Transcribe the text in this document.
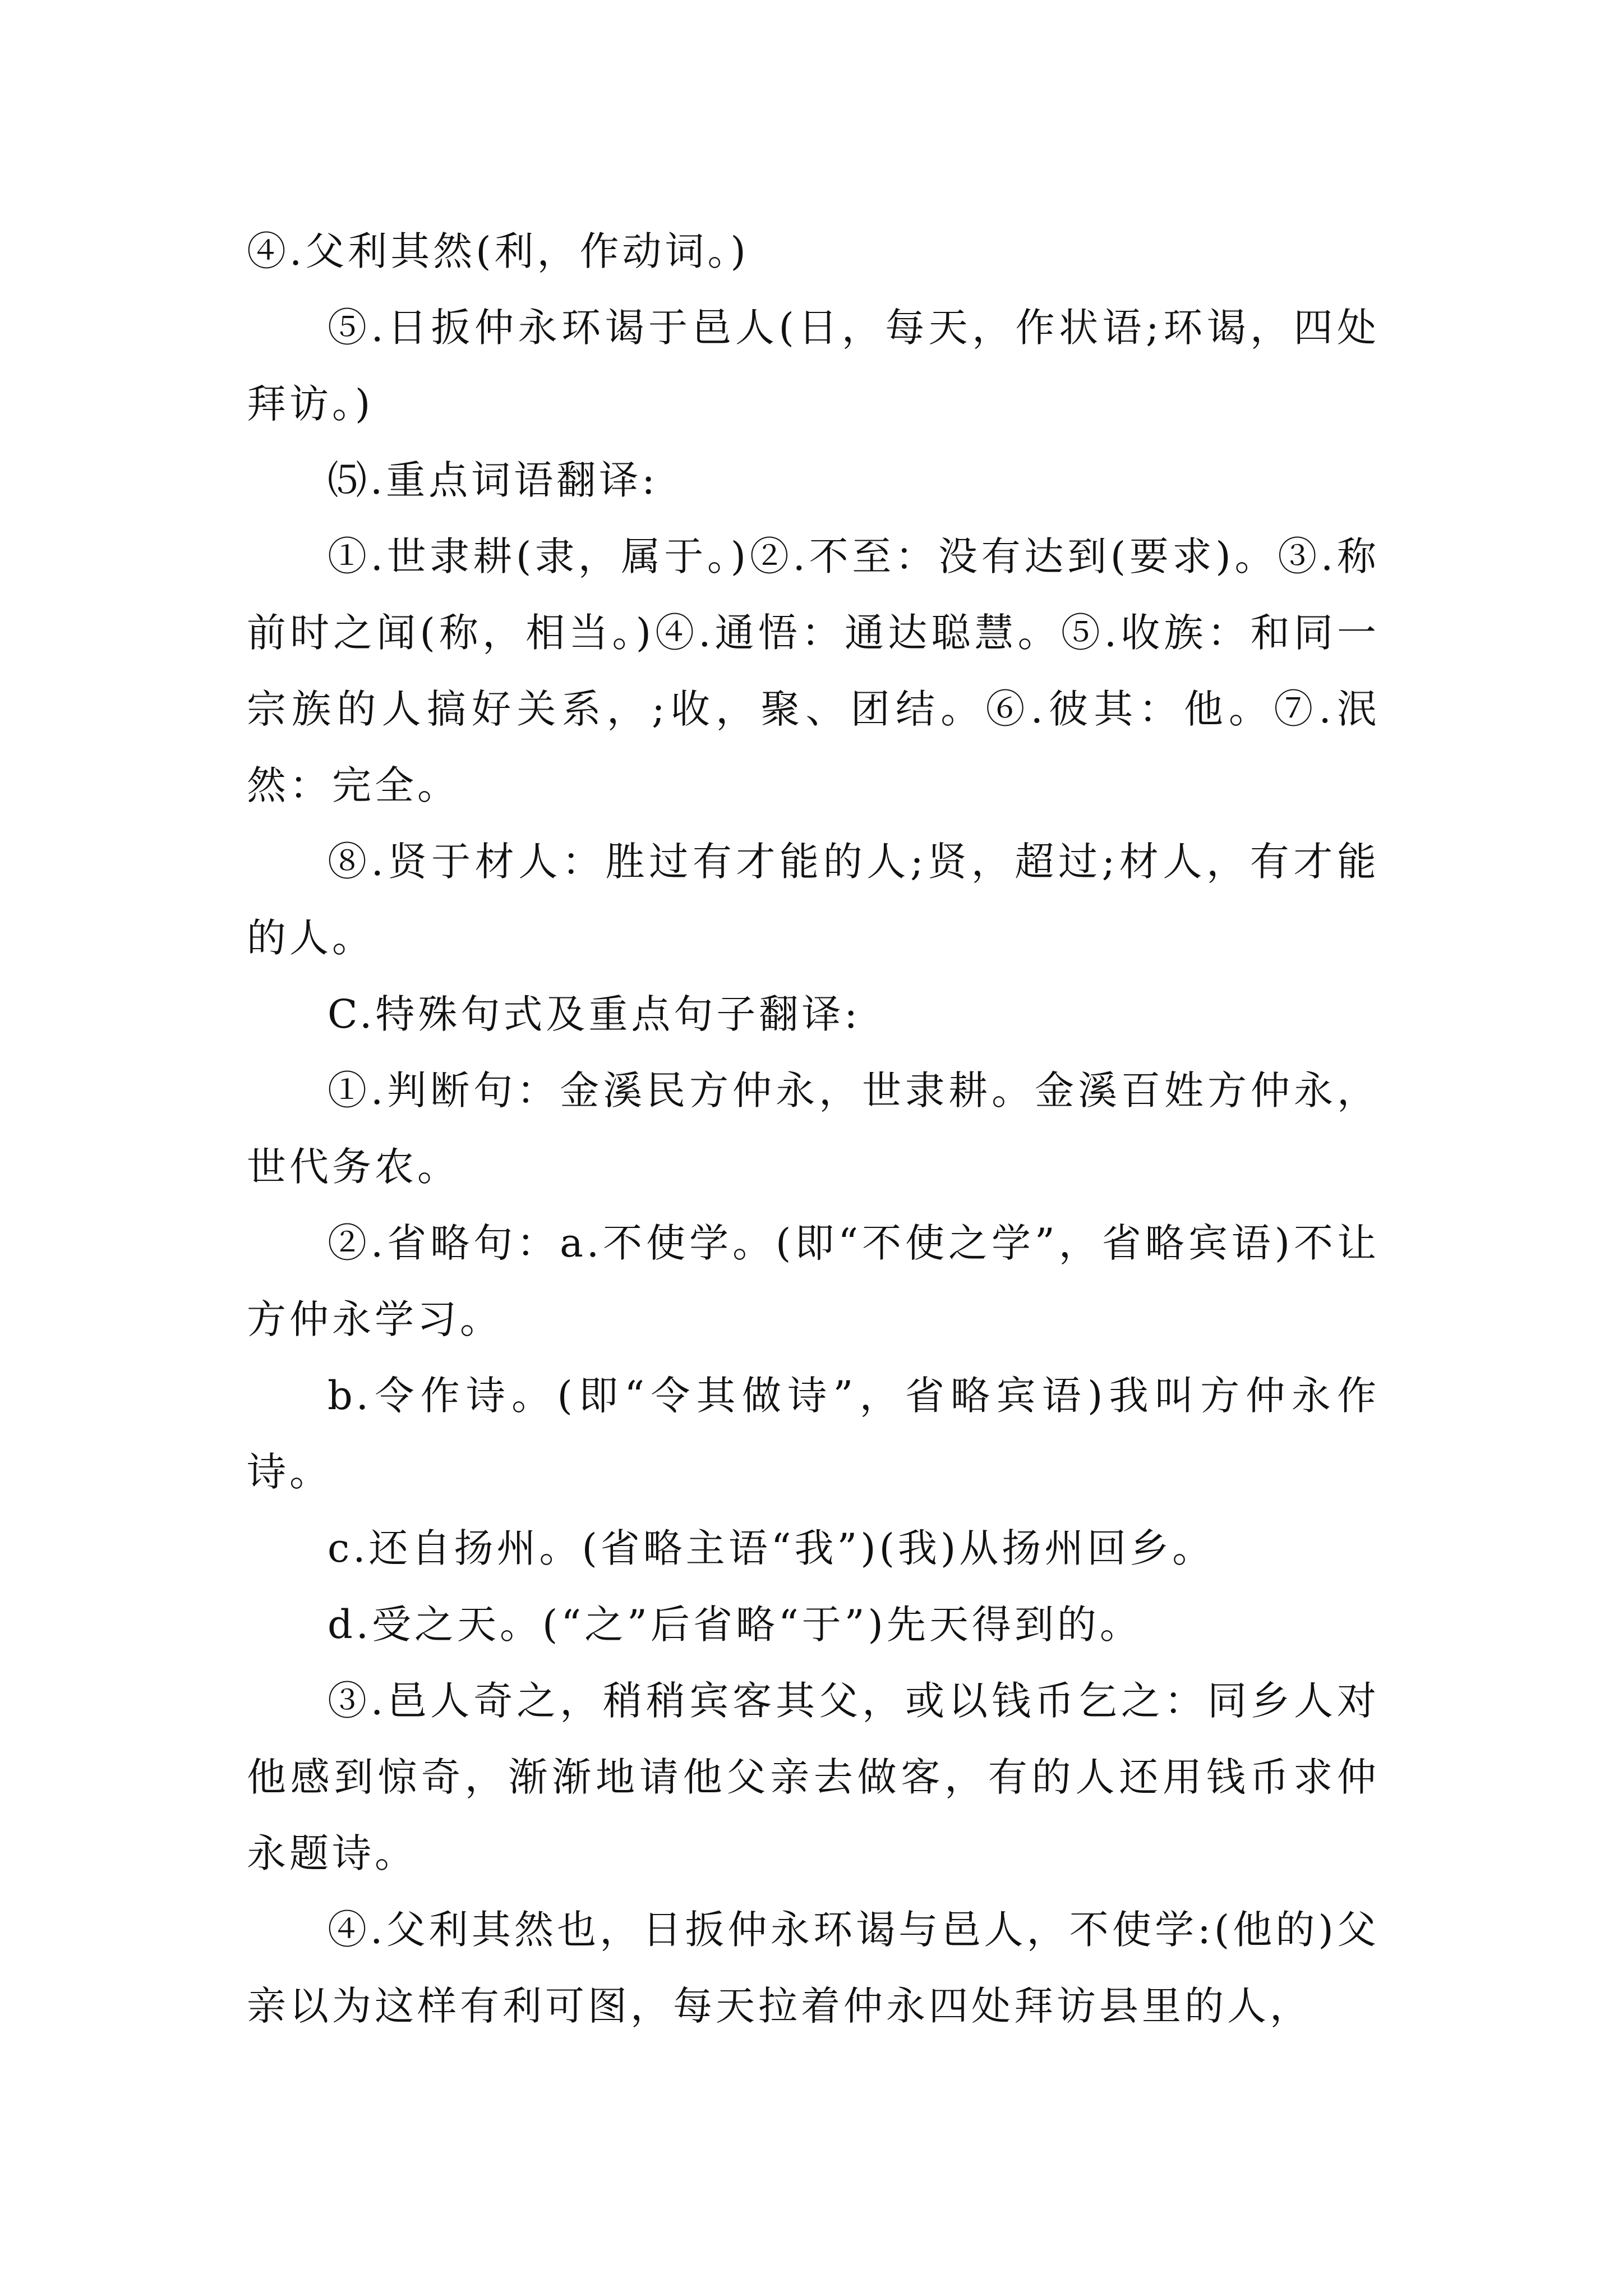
④.父利其然(利，作动词。)

⑤.日扳仲永环谒于邑人(日，每天，作状语;环谒，四处拜访。)

⑸.重点词语翻译:

①.世隶耕(隶，属于。)②.不至：没有达到(要求)。③.称前时之闻(称，相当。)④.通悟：通达聪慧。⑤.收族：和同一宗族的人搞好关系，;收，聚、团结。⑥.彼其：他。⑦.泯然：完全。

⑧.贤于材人：胜过有才能的人;贤，超过;材人，有才能的人。

C.特殊句式及重点句子翻译:

①.判断句：金溪民方仲永，世隶耕。金溪百姓方仲永，世代务农。

②.省略句：a.不使学。(即“不使之学”，省略宾语)不让方仲永学习。

b.令作诗。(即“令其做诗”，省略宾语)我叫方仲永作诗。

c.还自扬州。(省略主语“我”)(我)从扬州回乡。

d.受之天。(“之”后省略“于”)先天得到的。

③.邑人奇之，稍稍宾客其父，或以钱币乞之：同乡人对他感到惊奇，渐渐地请他父亲去做客，有的人还用钱币求仲永题诗。

④.父利其然也，日扳仲永环谒与邑人，不使学:(他的)父亲以为这样有利可图，每天拉着仲永四处拜访县里的人，
